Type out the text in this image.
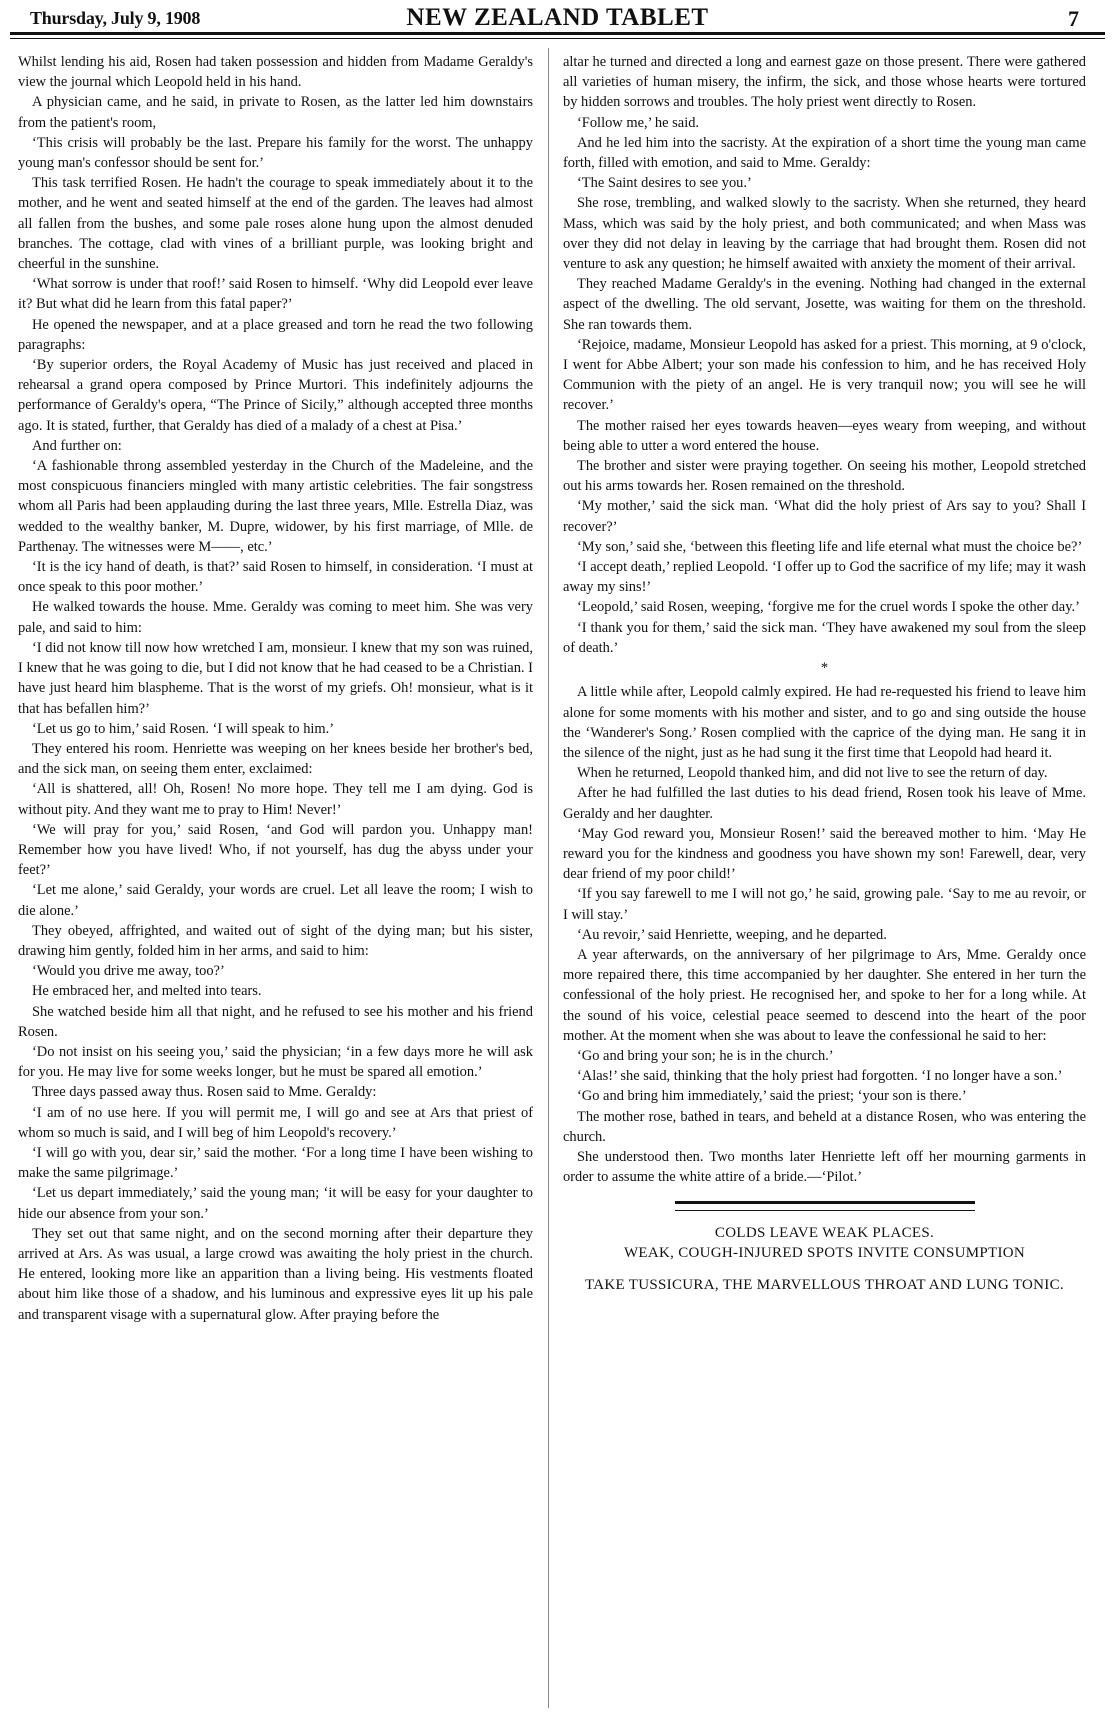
Thursday, July 9, 1908	NEW ZEALAND TABLET	7

Whilst lending his aid, Rosen had taken possession and hidden from Madame Geraldy's view the journal which Leopold held in his hand.

A physician came, and he said, in private to Rosen, as the latter led him downstairs from the patient's room,

‘This crisis will probably be the last. Prepare his family for the worst. The unhappy young man's confessor should be sent for.’

This task terrified Rosen. He hadn't the courage to speak immediately about it to the mother, and he went and seated himself at the end of the garden. The leaves had almost all fallen from the bushes, and some pale roses alone hung upon the almost denuded branches. The cottage, clad with vines of a brilliant purple, was looking bright and cheerful in the sunshine.

‘What sorrow is under that roof!’ said Rosen to himself. ‘Why did Leopold ever leave it? But what did he learn from this fatal paper?’

He opened the newspaper, and at a place greased and torn he read the two following paragraphs:

‘By superior orders, the Royal Academy of Music has just received and placed in rehearsal a grand opera composed by Prince Murtori. This indefinitely adjourns the performance of Geraldy's opera, “The Prince of Sicily,” although accepted three months ago. It is stated, further, that Geraldy has died of a malady of a chest at Pisa.’

And further on:

‘A fashionable throng assembled yesterday in the Church of the Madeleine, and the most conspicuous financiers mingled with many artistic celebrities. The fair songstress whom all Paris had been applauding during the last three years, Mlle. Estrella Diaz, was wedded to the wealthy banker, M. Dupre, widower, by his first marriage, of Mlle. de Parthenay. The witnesses were M——, etc.’

‘It is the icy hand of death, is that?’ said Rosen to himself, in consideration. ‘I must at once speak to this poor mother.’

He walked towards the house. Mme. Geraldy was coming to meet him. She was very pale, and said to him:

‘I did not know till now how wretched I am, monsieur. I knew that my son was ruined, I knew that he was going to die, but I did not know that he had ceased to be a Christian. I have just heard him blaspheme. That is the worst of my griefs. Oh! monsieur, what is it that has befallen him?’

‘Let us go to him,’ said Rosen. ‘I will speak to him.’

They entered his room. Henriette was weeping on her knees beside her brother's bed, and the sick man, on seeing them enter, exclaimed:

‘All is shattered, all! Oh, Rosen! No more hope. They tell me I am dying. God is without pity. And they want me to pray to Him! Never!’

‘We will pray for you,’ said Rosen, ‘and God will pardon you. Unhappy man! Remember how you have lived! Who, if not yourself, has dug the abyss under your feet?’

‘Let me alone,’ said Geraldy, your words are cruel. Let all leave the room; I wish to die alone.’

They obeyed, affrighted, and waited out of sight of the dying man; but his sister, drawing him gently, folded him in her arms, and said to him:

‘Would you drive me away, too?’

He embraced her, and melted into tears.

She watched beside him all that night, and he refused to see his mother and his friend Rosen.

‘Do not insist on his seeing you,’ said the physician; ‘in a few days more he will ask for you. He may live for some weeks longer, but he must be spared all emotion.’

Three days passed away thus. Rosen said to Mme. Geraldy:

‘I am of no use here. If you will permit me, I will go and see at Ars that priest of whom so much is said, and I will beg of him Leopold's recovery.’

‘I will go with you, dear sir,’ said the mother. ‘For a long time I have been wishing to make the same pilgrimage.’

‘Let us depart immediately,’ said the young man; ‘it will be easy for your daughter to hide our absence from your son.’

They set out that same night, and on the second morning after their departure they arrived at Ars. As was usual, a large crowd was awaiting the holy priest in the church. He entered, looking more like an apparition than a living being. His vestments floated about him like those of a shadow, and his luminous and expressive eyes lit up his pale and transparent visage with a supernatural glow. After praying before the

altar he turned and directed a long and earnest gaze on those present. There were gathered all varieties of human misery, the infirm, the sick, and those whose hearts were tortured by hidden sorrows and troubles. The holy priest went directly to Rosen.

‘Follow me,’ he said.

And he led him into the sacristy. At the expiration of a short time the young man came forth, filled with emotion, and said to Mme. Geraldy:

‘The Saint desires to see you.’

She rose, trembling, and walked slowly to the sacristy. When she returned, they heard Mass, which was said by the holy priest, and both communicated; and when Mass was over they did not delay in leaving by the carriage that had brought them. Rosen did not venture to ask any question; he himself awaited with anxiety the moment of their arrival.

They reached Madame Geraldy's in the evening. Nothing had changed in the external aspect of the dwelling. The old servant, Josette, was waiting for them on the threshold. She ran towards them.

‘Rejoice, madame, Monsieur Leopold has asked for a priest. This morning, at 9 o'clock, I went for Abbe Albert; your son made his confession to him, and he has received Holy Communion with the piety of an angel. He is very tranquil now; you will see he will recover.’

The mother raised her eyes towards heaven—eyes weary from weeping, and without being able to utter a word entered the house.

The brother and sister were praying together. On seeing his mother, Leopold stretched out his arms towards her. Rosen remained on the threshold.

‘My mother,’ said the sick man. ‘What did the holy priest of Ars say to you? Shall I recover?’

‘My son,’ said she, ‘between this fleeting life and life eternal what must the choice be?’

‘I accept death,’ replied Leopold. ‘I offer up to God the sacrifice of my life; may it wash away my sins!’

‘Leopold,’ said Rosen, weeping, ‘forgive me for the cruel words I spoke the other day.’

‘I thank you for them,’ said the sick man. ‘They have awakened my soul from the sleep of death.’

*

A little while after, Leopold calmly expired. He had re-requested his friend to leave him alone for some moments with his mother and sister, and to go and sing outside the house the ‘Wanderer's Song.’ Rosen complied with the caprice of the dying man. He sang it in the silence of the night, just as he had sung it the first time that Leopold had heard it.

When he returned, Leopold thanked him, and did not live to see the return of day.

After he had fulfilled the last duties to his dead friend, Rosen took his leave of Mme. Geraldy and her daughter.

‘May God reward you, Monsieur Rosen!’ said the bereaved mother to him. ‘May He reward you for the kindness and goodness you have shown my son! Farewell, dear, very dear friend of my poor child!’

‘If you say farewell to me I will not go,’ he said, growing pale. ‘Say to me au revoir, or I will stay.’

‘Au revoir,’ said Henriette, weeping, and he departed.

A year afterwards, on the anniversary of her pilgrimage to Ars, Mme. Geraldy once more repaired there, this time accompanied by her daughter. She entered in her turn the confessional of the holy priest. He recognised her, and spoke to her for a long while. At the sound of his voice, celestial peace seemed to descend into the heart of the poor mother. At the moment when she was about to leave the confessional he said to her:

‘Go and bring your son; he is in the church.’

‘Alas!’ she said, thinking that the holy priest had forgotten. ‘I no longer have a son.’

‘Go and bring him immediately,’ said the priest; ‘your son is there.’

The mother rose, bathed in tears, and beheld at a distance Rosen, who was entering the church.

She understood then. Two months later Henriette left off her mourning garments in order to assume the white attire of a bride.—‘Pilot.’

COLDS LEAVE WEAK PLACES.
WEAK, COUGH-INJURED SPOTS INVITE CONSUMPTION
TAKE TUSSICURA, THE MARVELLOUS THROAT AND LUNG TONIC.
